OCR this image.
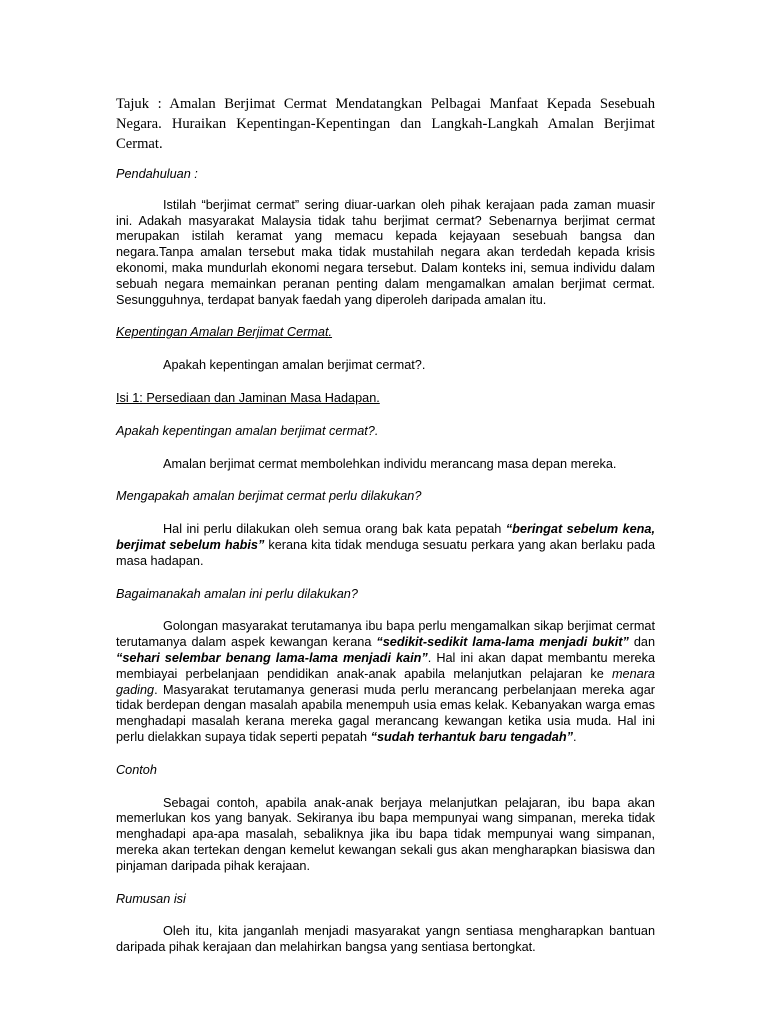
Tajuk : Amalan Berjimat Cermat Mendatangkan Pelbagai Manfaat Kepada Sesebuah Negara. Huraikan Kepentingan-Kepentingan dan Langkah-Langkah Amalan Berjimat Cermat.

Pendahuluan :

Istilah “berjimat cermat” sering diuar-uarkan oleh pihak kerajaan pada zaman muasir ini. Adakah masyarakat Malaysia tidak tahu berjimat cermat? Sebenarnya berjimat cermat merupakan istilah keramat yang memacu kepada kejayaan sesebuah bangsa dan negara.Tanpa amalan tersebut maka tidak mustahilah negara akan terdedah kepada krisis ekonomi, maka mundurlah ekonomi negara tersebut. Dalam konteks ini, semua individu dalam sebuah negara memainkan peranan penting dalam mengamalkan amalan berjimat cermat. Sesungguhnya, terdapat banyak faedah yang diperoleh daripada amalan itu.

Kepentingan Amalan Berjimat Cermat.

Apakah kepentingan amalan berjimat cermat?.

Isi 1: Persediaan dan Jaminan Masa Hadapan.

Apakah kepentingan amalan berjimat cermat?.

Amalan berjimat cermat membolehkan individu merancang masa depan mereka.

Mengapakah amalan berjimat cermat perlu dilakukan?

Hal ini perlu dilakukan oleh semua orang bak kata pepatah “beringat sebelum kena, berjimat sebelum habis” kerana kita tidak menduga sesuatu perkara yang akan berlaku pada masa hadapan.

Bagaimanakah amalan ini perlu dilakukan?

Golongan masyarakat terutamanya ibu bapa perlu mengamalkan sikap berjimat cermat terutamanya dalam aspek kewangan kerana “sedikit-sedikit lama-lama menjadi bukit” dan “sehari selembar benang lama-lama menjadi kain”. Hal ini akan dapat membantu mereka membiayai perbelanjaan pendidikan anak-anak apabila melanjutkan pelajaran ke menara gading. Masyarakat terutamanya generasi muda perlu merancang perbelanjaan mereka agar tidak berdepan dengan masalah apabila menempuh usia emas kelak. Kebanyakan warga emas menghadapi masalah kerana mereka gagal merancang kewangan ketika usia muda. Hal ini perlu dielakkan supaya tidak seperti pepatah “sudah terhantuk baru tengadah”.

Contoh

Sebagai contoh, apabila anak-anak berjaya melanjutkan pelajaran, ibu bapa akan memerlukan kos yang banyak. Sekiranya ibu bapa mempunyai wang simpanan, mereka tidak menghadapi apa-apa masalah, sebaliknya jika ibu bapa tidak mempunyai wang simpanan, mereka akan tertekan dengan kemelut kewangan sekali gus akan mengharapkan biasiswa dan pinjaman daripada pihak kerajaan.

Rumusan isi

Oleh itu, kita janganlah menjadi masyarakat yangn sentiasa mengharapkan bantuan daripada pihak kerajaan dan melahirkan bangsa yang sentiasa bertongkat.
